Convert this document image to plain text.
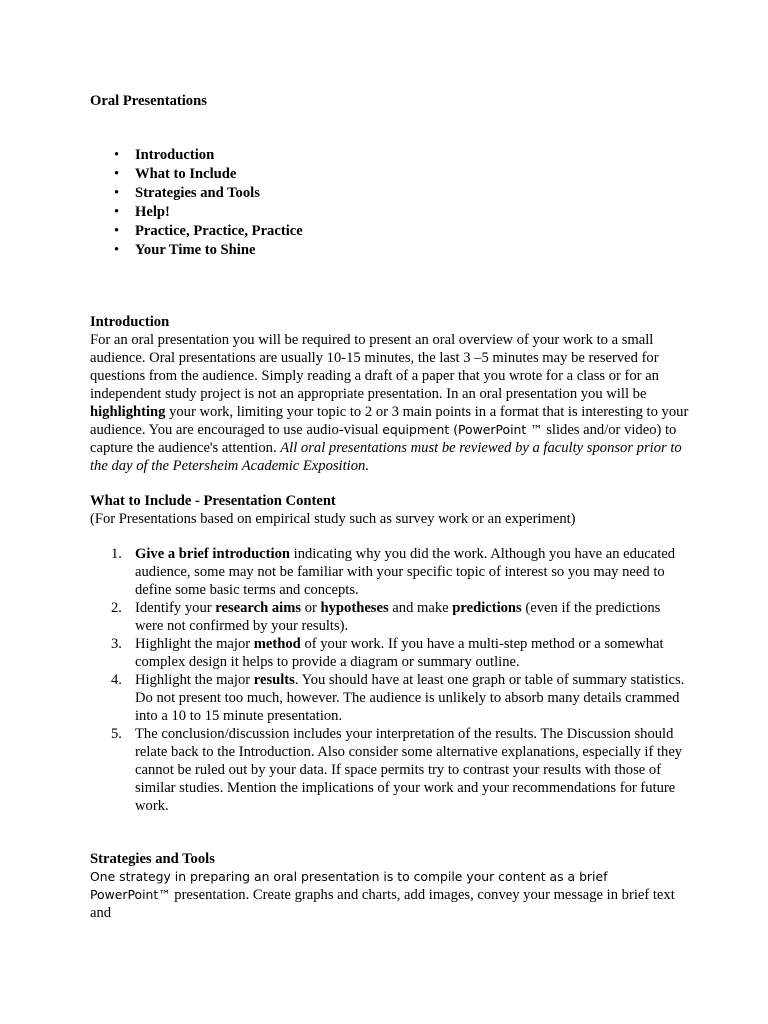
Oral Presentations
• Introduction
• What to Include
• Strategies and Tools
• Help!
• Practice, Practice, Practice
• Your Time to Shine
Introduction

For an oral presentation you will be required to present an oral overview of your work to a small audience. Oral presentations are usually 10-15 minutes, the last 3 –5 minutes may be reserved for questions from the audience. Simply reading a draft of a paper that you wrote for a class or for an independent study project is not an appropriate presentation. In an oral presentation you will be highlighting your work, limiting your topic to 2 or 3 main points in a format that is interesting to your audience. You are encouraged to use audio-visual equipment (PowerPoint ™ slides and/or video) to capture the audience's attention. All oral presentations must be reviewed by a faculty sponsor prior to the day of the Petersheim Academic Exposition.

What to Include - Presentation Content

(For Presentations based on empirical study such as survey work or an experiment)

1. Give a brief introduction indicating why you did the work. Although you have an educated audience, some may not be familiar with your specific topic of interest so you may need to define some basic terms and concepts.
2. Identify your research aims or hypotheses and make predictions (even if the predictions were not confirmed by your results).
3. Highlight the major method of your work. If you have a multi-step method or a somewhat complex design it helps to provide a diagram or summary outline.
4. Highlight the major results. You should have at least one graph or table of summary statistics. Do not present too much, however. The audience is unlikely to absorb many details crammed into a 10 to 15 minute presentation.
5. The conclusion/discussion includes your interpretation of the results. The Discussion should relate back to the Introduction. Also consider some alternative explanations, especially if they cannot be ruled out by your data. If space permits try to contrast your results with those of similar studies. Mention the implications of your work and your recommendations for future work.
Strategies and Tools

One strategy in preparing an oral presentation is to compile your content as a brief PowerPoint™ presentation. Create graphs and charts, add images, convey your message in brief text and
